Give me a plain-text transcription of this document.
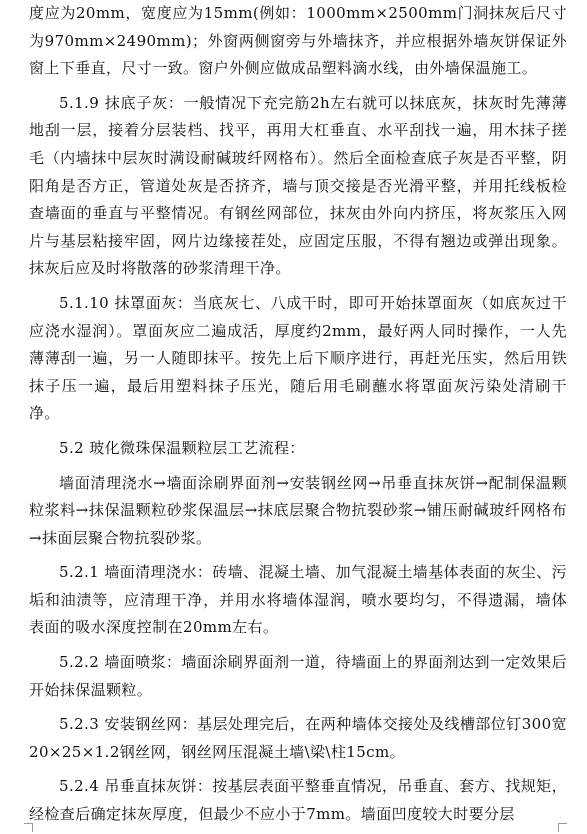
度应为20mm，宽度应为15mm(例如：1000mm×2500mm门洞抹灰后尺寸为970mm×2490mm)；外窗两侧窗旁与外墙抹齐，并应根据外墙灰饼保证外窗上下垂直，尺寸一致。窗户外侧应做成品塑料滴水线，由外墙保温施工。

5.1.9 抹底子灰：一般情况下充完筋2h左右就可以抹底灰，抹灰时先薄薄地刮一层，接着分层装档、找平，再用大杠垂直、水平刮找一遍，用木抹子搓毛（内墙抹中层灰时满设耐碱玻纤网格布）。然后全面检查底子灰是否平整，阴阳角是否方正，管道处灰是否挤齐，墙与顶交接是否光滑平整，并用托线板检查墙面的垂直与平整情况。有钢丝网部位，抹灰由外向内挤压，将灰浆压入网片与基层粘接牢固，网片边缘接茬处，应固定压服，不得有翘边或弹出现象。抹灰后应及时将散落的砂浆清理干净。

5.1.10 抹罩面灰：当底灰七、八成干时，即可开始抹罩面灰（如底灰过干应浇水湿润）。罩面灰应二遍成活，厚度约2mm，最好两人同时操作，一人先薄薄刮一遍，另一人随即抹平。按先上后下顺序进行，再赶光压实，然后用铁抹子压一遍，最后用塑料抹子压光，随后用毛刷蘸水将罩面灰污染处清刷干净。

5.2 玻化微珠保温颗粒层工艺流程：

墙面清理浇水→墙面涂刷界面剂→安装钢丝网→吊垂直抹灰饼→配制保温颗粒浆料→抹保温颗粒砂浆保温层→抹底层聚合物抗裂砂浆→铺压耐碱玻纤网格布→抹面层聚合物抗裂砂浆。

5.2.1 墙面清理浇水：砖墙、混凝土墙、加气混凝土墙基体表面的灰尘、污垢和油渍等，应清理干净，并用水将墙体湿润，喷水要均匀，不得遗漏，墙体表面的吸水深度控制在20mm左右。

5.2.2 墙面喷浆：墙面涂刷界面剂一道，待墙面上的界面剂达到一定效果后开始抹保温颗粒。

5.2.3 安装钢丝网：基层处理完后，在两种墙体交接处及线槽部位钉300宽20×25×1.2钢丝网，钢丝网压混凝土墙\梁\柱15cm。

5.2.4 吊垂直抹灰饼：按基层表面平整垂直情况，吊垂直、套方、找规矩，经检查后确定抹灰厚度，但最少不应小于7mm。墙面凹度较大时要分层
